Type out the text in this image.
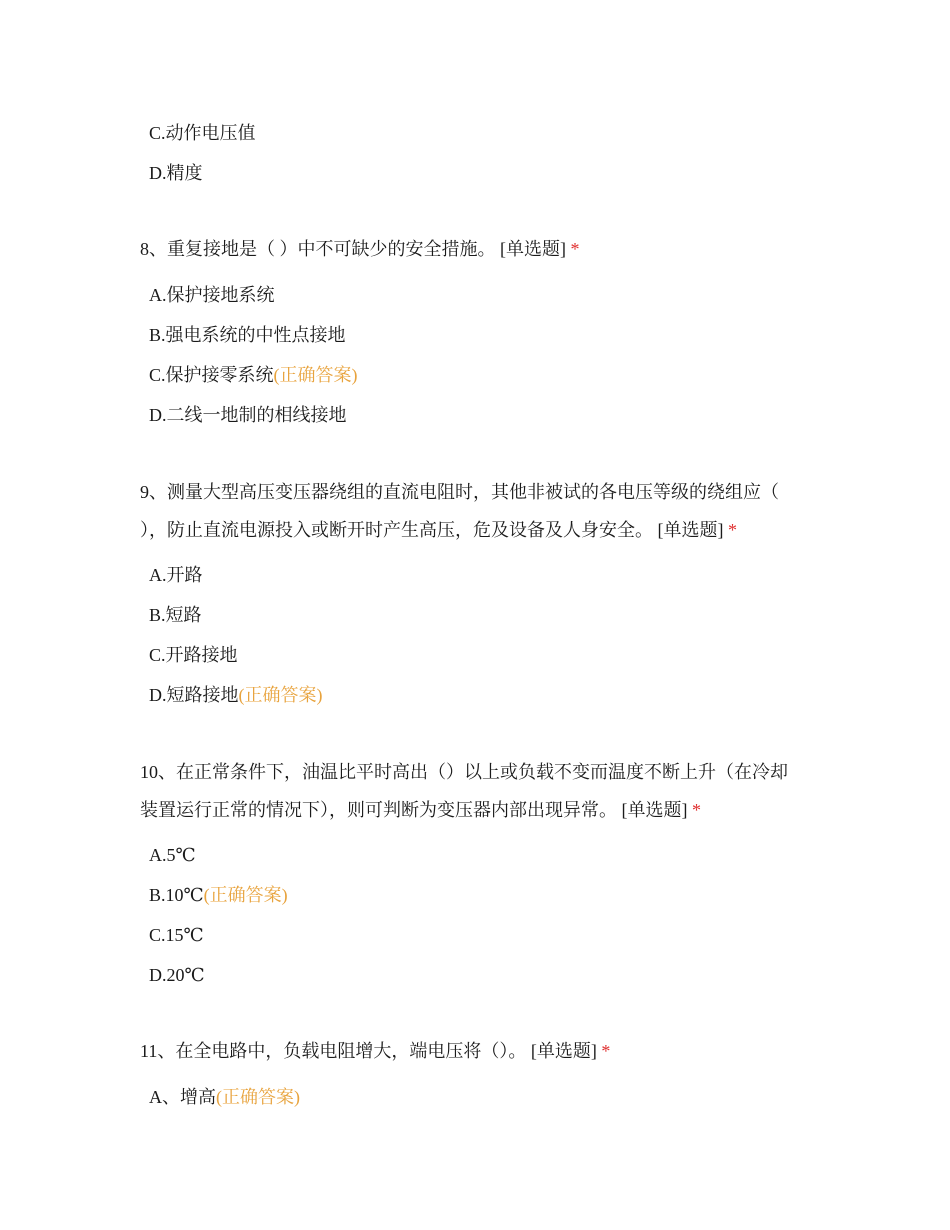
C.动作电压值
D.精度
8、重复接地是（ ）中不可缺少的安全措施。 [单选题] *
A.保护接地系统
B.强电系统的中性点接地
C.保护接零系统(正确答案)
D.二线一地制的相线接地
9、测量大型高压变压器绕组的直流电阻时，其他非被试的各电压等级的绕组应（
），防止直流电源投入或断开时产生高压，危及设备及人身安全。 [单选题] *
A.开路
B.短路
C.开路接地
D.短路接地(正确答案)
10、在正常条件下，油温比平时高出（）以上或负载不变而温度不断上升（在冷却
装置运行正常的情况下），则可判断为变压器内部出现异常。 [单选题] *
A.5℃
B.10℃(正确答案)
C.15℃
D.20℃
11、在全电路中，负载电阻增大，端电压将（）。 [单选题] *
A、增高(正确答案)
